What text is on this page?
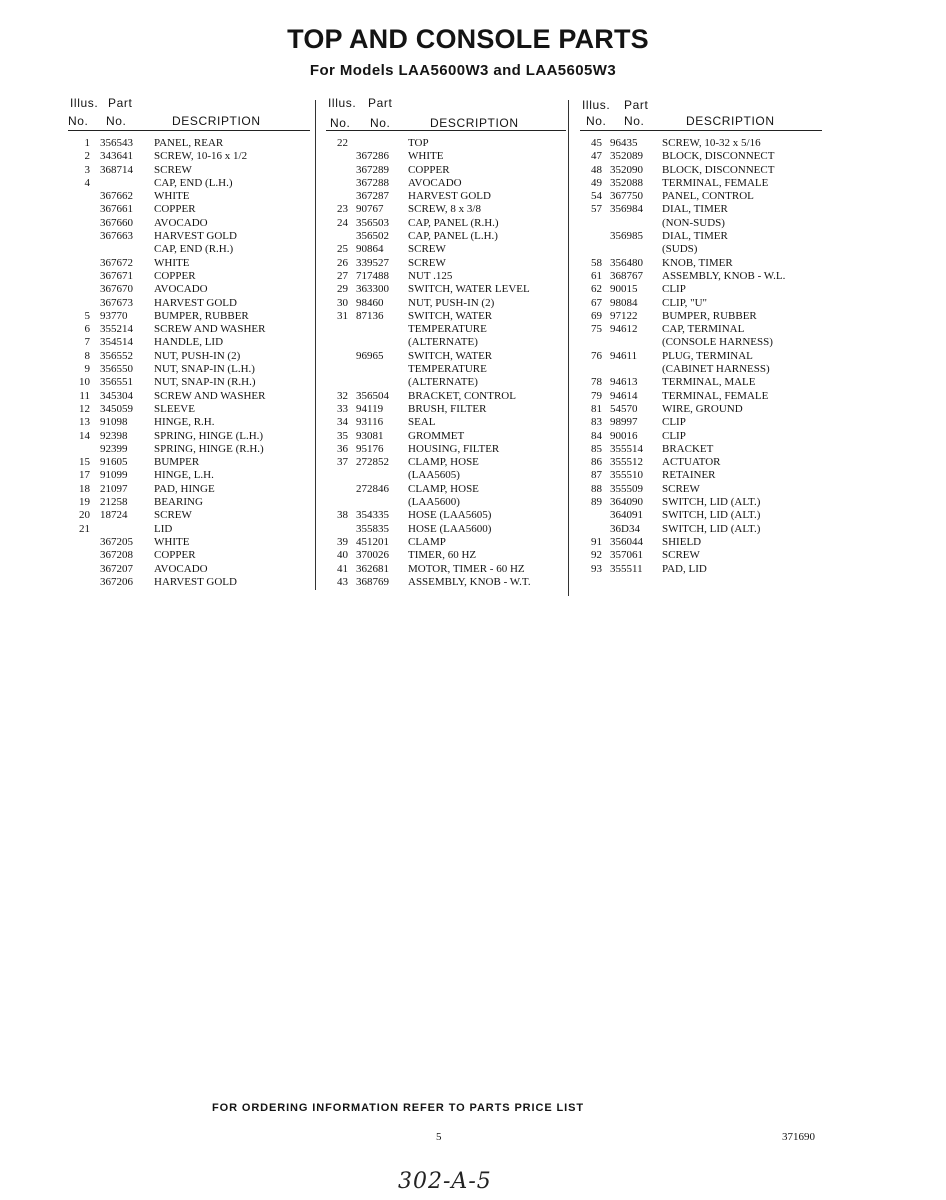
TOP AND CONSOLE PARTS
For Models LAA5600W3 and LAA5605W3
Illus.
No.
Part
No.	DESCRIPTION
1 356543 PANEL, REAR
2 343641 SCREW, 10-16 x 1/2
3 368714 SCREW
4	CAP, END (L.H.)
367662 WHITE
367661 COPPER
367660 AVOCADO
367663 HARVEST GOLD
CAP, END (R.H.)
367672 WHITE
367671 COPPER
367670 AVOCADO
367673 HARVEST GOLD
5 93770 BUMPER, RUBBER
6 355214 SCREW AND WASHER
7 354514 HANDLE, LID
8 356552 NUT, PUSH-IN (2)
9 356550 NUT, SNAP-IN (L.H.)
10 356551 NUT, SNAP-IN (R.H.)
11 345304 SCREW AND WASHER
12 345059 SLEEVE
13 91098 HINGE, R.H.
14 92398 SPRING, HINGE (L.H.)
92399 SPRING, HINGE (R.H.)
15 91605 BUMPER
17 91099 HINGE, L.H.
18 21097 PAD, HINGE
19 21258 BEARING
20 18724 SCREW
21	LID
367205 WHITE
367208 COPPER
367207 AVOCADO
367206 HARVEST GOLD
Illus.
No.
Part
No.	DESCRIPTION
22	TOP
367286 WHITE
367289 COPPER
367288 AVOCADO
367287 HARVEST GOLD
23 90767 SCREW, 8 x 3/8
24 356503 CAP, PANEL (R.H.)
356502 CAP, PANEL (L.H.)
25 90864 SCREW
26 339527 SCREW
27 717488 NUT .125
29 363300 SWITCH, WATER LEVEL
30 98460 NUT, PUSH-IN (2)
31 87136 SWITCH, WATER
TEMPERATURE
(ALTERNATE)
96965 SWITCH, WATER
TEMPERATURE
(ALTERNATE)
32 356504 BRACKET, CONTROL
33 94119 BRUSH, FILTER
34 93116 SEAL
35 93081 GROMMET
36 95176 HOUSING, FILTER
37 272852 CLAMP, HOSE
(LAA5605)
272846 CLAMP, HOSE
(LAA5600)
38 354335 HOSE (LAA5605)
355835 HOSE (LAA5600)
39 451201 CLAMP
40 370026 TIMER, 60 HZ
41 362681 MOTOR, TIMER - 60 HZ
43 368769 ASSEMBLY, KNOB - W.T.
Illus.
No.
Part
No.	DESCRIPTION
45 96435 SCREW, 10-32 x 5/16
47 352089 BLOCK, DISCONNECT
48 352090 BLOCK, DISCONNECT
49 352088 TERMINAL, FEMALE
54 367750 PANEL, CONTROL
57 356984 DIAL, TIMER
(NON-SUDS)
356985 DIAL, TIMER
(SUDS)
58 356480 KNOB, TIMER
61 368767 ASSEMBLY, KNOB - W.L.
62 90015 CLIP
67 98084 CLIP, "U"
69 97122 BUMPER, RUBBER
75 94612 CAP, TERMINAL
(CONSOLE HARNESS)
76 94611 PLUG, TERMINAL
(CABINET HARNESS)
78 94613 TERMINAL, MALE
79 94614 TERMINAL, FEMALE
81 54570 WIRE, GROUND
83 98997 CLIP
84 90016 CLIP
85 355514 BRACKET
86 355512 ACTUATOR
87 355510 RETAINER
88 355509 SCREW
89 364090 SWITCH, LID (ALT.)
364091 SWITCH, LID (ALT.)
36D34 SWITCH, LID (ALT.)
91 356044 SHIELD
92 357061 SCREW
93 355511 PAD, LID
FOR ORDERING INFORMATION REFER TO PARTS PRICE LIST
5	371690
302-A-5
